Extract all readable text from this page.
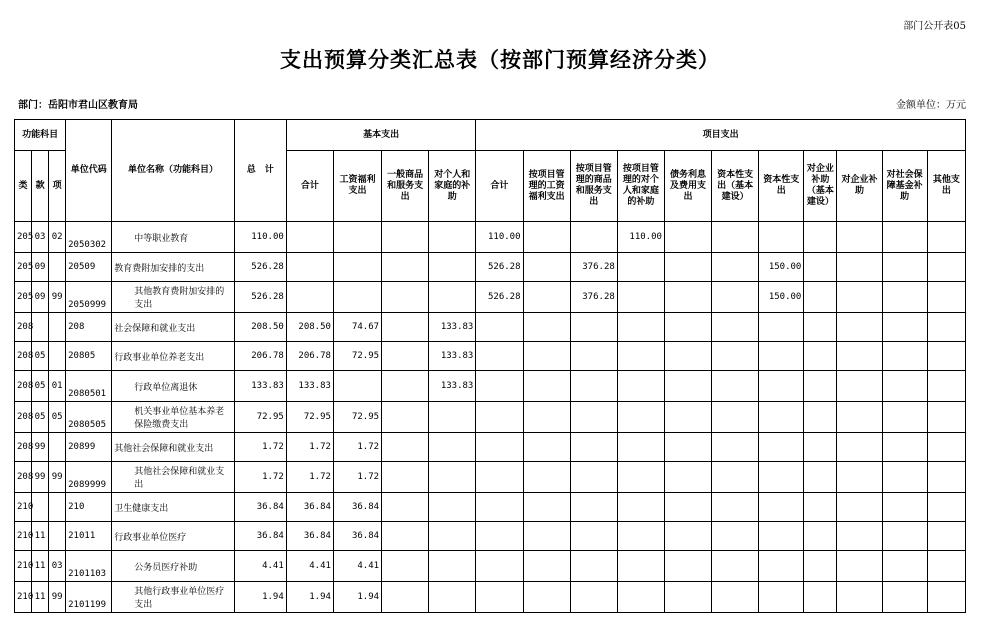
部门公开表05
支出预算分类汇总表（按部门预算经济分类）
部门：岳阳市君山区教育局	金额单位：万元
功能科目			单位代码	单位名称（功能科目）	总　计	基本支出				项目支出										
类	款	项				合计	工资福利支出	一般商品和服务支出	对个人和家庭的补助	合计	按项目管理的工资福利支出	按项目管理的商品和服务支出	按项目管理的对个人和家庭的补助	债务利息及费用支出	资本性支出（基本建设）	资本性支出	对企业补助（基本建设）	对企业补助	对社会保障基金补助	其他支出
205	03	02	2050302	中等职业教育	110.00					110.00			110.00							
205	09		20509	教育费附加安排的支出	526.28					526.28		376.28				150.00				
205	09	99	2050999	其他教育费附加安排的支出	526.28					526.28		376.28				150.00				
208			208	社会保障和就业支出	208.50	208.50	74.67		133.83											
208	05		20805	行政事业单位养老支出	206.78	206.78	72.95		133.83											
208	05	01	2080501	行政单位离退休	133.83	133.83			133.83											
208	05	05	2080505	机关事业单位基本养老保险缴费支出	72.95	72.95	72.95													
208	99		20899	其他社会保障和就业支出	1.72	1.72	1.72													
208	99	99	2089999	其他社会保障和就业支出	1.72	1.72	1.72													
210			210	卫生健康支出	36.84	36.84	36.84													
210	11		21011	行政事业单位医疗	36.84	36.84	36.84													
210	11	03	2101103	公务员医疗补助	4.41	4.41	4.41													
210	11	99	2101199	其他行政事业单位医疗支出	1.94	1.94	1.94													
